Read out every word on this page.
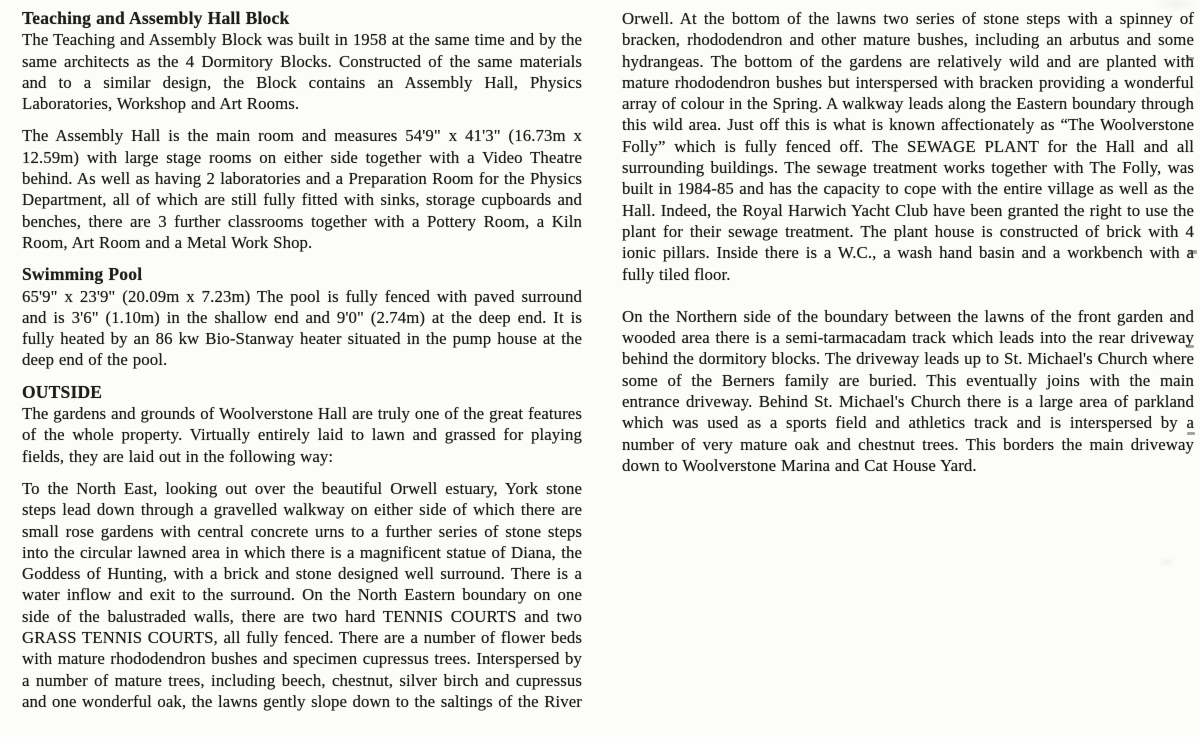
Teaching and Assembly Hall Block

The Teaching and Assembly Block was built in 1958 at the same time and by the same architects as the 4 Dormitory Blocks. Constructed of the same materials and to a similar design, the Block contains an Assembly Hall, Physics Laboratories, Workshop and Art Rooms.

The Assembly Hall is the main room and measures 54'9" x 41'3" (16.73m x 12.59m) with large stage rooms on either side together with a Video Theatre behind. As well as having 2 laboratories and a Preparation Room for the Physics Department, all of which are still fully fitted with sinks, storage cupboards and benches, there are 3 further classrooms together with a Pottery Room, a Kiln Room, Art Room and a Metal Work Shop.

Swimming Pool

65'9" x 23'9" (20.09m x 7.23m) The pool is fully fenced with paved surround and is 3'6" (1.10m) in the shallow end and 9'0" (2.74m) at the deep end. It is fully heated by an 86 kw Bio-Stanway heater situated in the pump house at the deep end of the pool.

OUTSIDE

The gardens and grounds of Woolverstone Hall are truly one of the great features of the whole property. Virtually entirely laid to lawn and grassed for playing fields, they are laid out in the following way:

To the North East, looking out over the beautiful Orwell estuary, York stone steps lead down through a gravelled walkway on either side of which there are small rose gardens with central concrete urns to a further series of stone steps into the circular lawned area in which there is a magnificent statue of Diana, the Goddess of Hunting, with a brick and stone designed well surround. There is a water inflow and exit to the surround. On the North Eastern boundary on one side of the balustraded walls, there are two hard TENNIS COURTS and two GRASS TENNIS COURTS, all fully fenced. There are a number of flower beds with mature rhododendron bushes and specimen cupressus trees. Interspersed by a number of mature trees, including beech, chestnut, silver birch and cupressus and one wonderful oak, the lawns gently slope down to the saltings of the River

Orwell. At the bottom of the lawns two series of stone steps with a spinney of bracken, rhododendron and other mature bushes, including an arbutus and some hydrangeas. The bottom of the gardens are relatively wild and are planted with mature rhododendron bushes but interspersed with bracken providing a wonderful array of colour in the Spring. A walkway leads along the Eastern boundary through this wild area. Just off this is what is known affectionately as “The Woolverstone Folly” which is fully fenced off. The SEWAGE PLANT for the Hall and all surrounding buildings. The sewage treatment works together with The Folly, was built in 1984-85 and has the capacity to cope with the entire village as well as the Hall. Indeed, the Royal Harwich Yacht Club have been granted the right to use the plant for their sewage treatment. The plant house is constructed of brick with 4 ionic pillars. Inside there is a W.C., a wash hand basin and a workbench with a fully tiled floor.

On the Northern side of the boundary between the lawns of the front garden and wooded area there is a semi-tarmacadam track which leads into the rear driveway behind the dormitory blocks. The driveway leads up to St. Michael's Church where some of the Berners family are buried. This eventually joins with the main entrance driveway. Behind St. Michael's Church there is a large area of parkland which was used as a sports field and athletics track and is interspersed by a number of very mature oak and chestnut trees. This borders the main driveway down to Woolverstone Marina and Cat House Yard.
